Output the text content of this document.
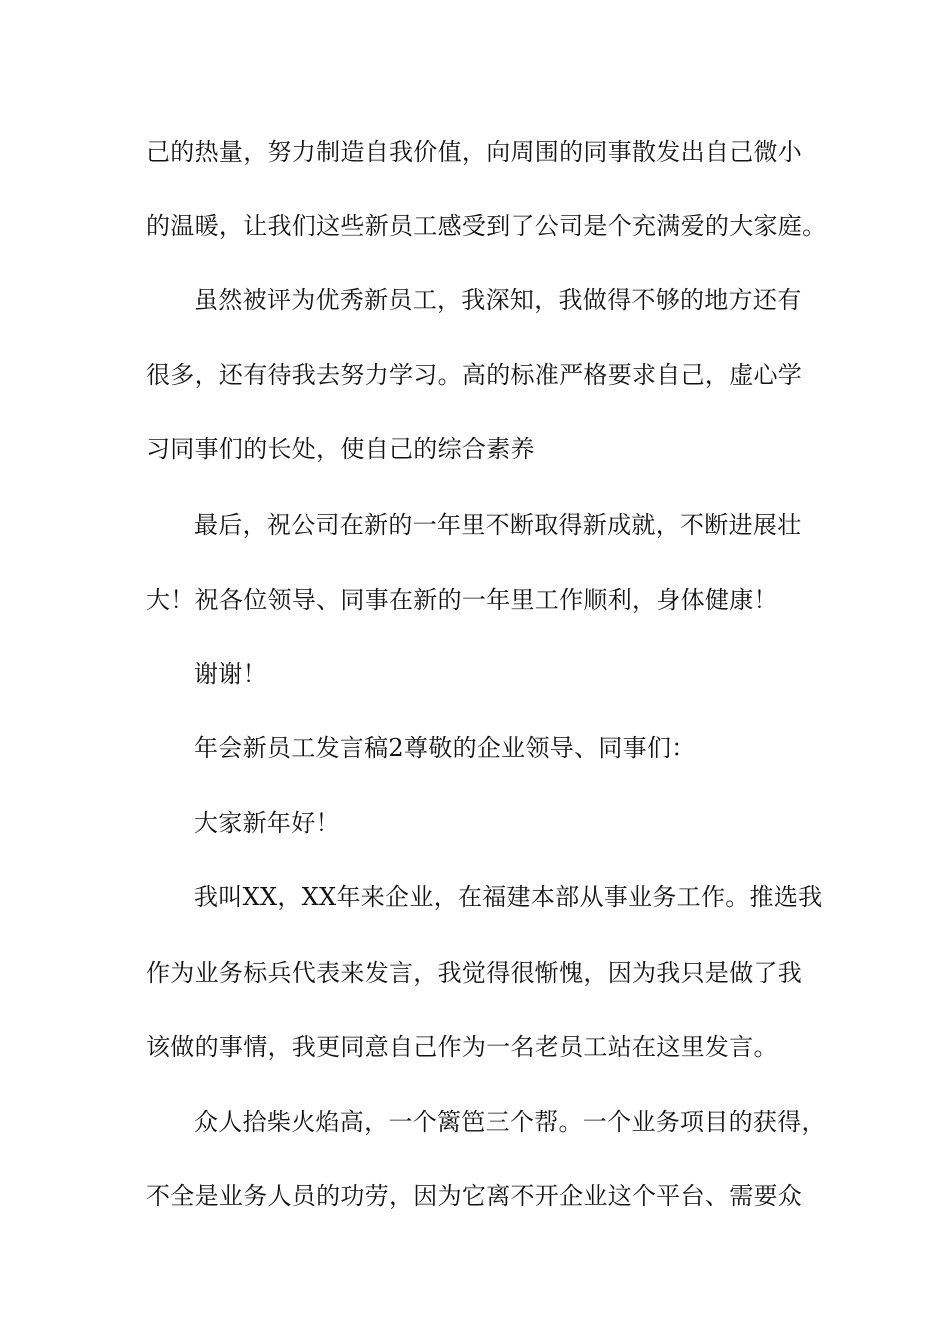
己的热量，努力制造自我价值，向周围的同事散发出自己微小
的温暖，让我们这些新员工感受到了公司是个充满爱的大家庭。
虽然被评为优秀新员工，我深知，我做得不够的地方还有
很多，还有待我去努力学习。高的标准严格要求自己，虚心学
习同事们的长处，使自己的综合素养
最后，祝公司在新的一年里不断取得新成就，不断进展壮
大！祝各位领导、同事在新的一年里工作顺利，身体健康！
谢谢！
年会新员工发言稿2尊敬的企业领导、同事们：
大家新年好！
我叫XX，XX年来企业，在福建本部从事业务工作。推选我
作为业务标兵代表来发言，我觉得很惭愧，因为我只是做了我
该做的事情，我更同意自己作为一名老员工站在这里发言。
众人拾柴火焰高，一个篱笆三个帮。一个业务项目的获得，
不全是业务人员的功劳，因为它离不开企业这个平台、需要众
